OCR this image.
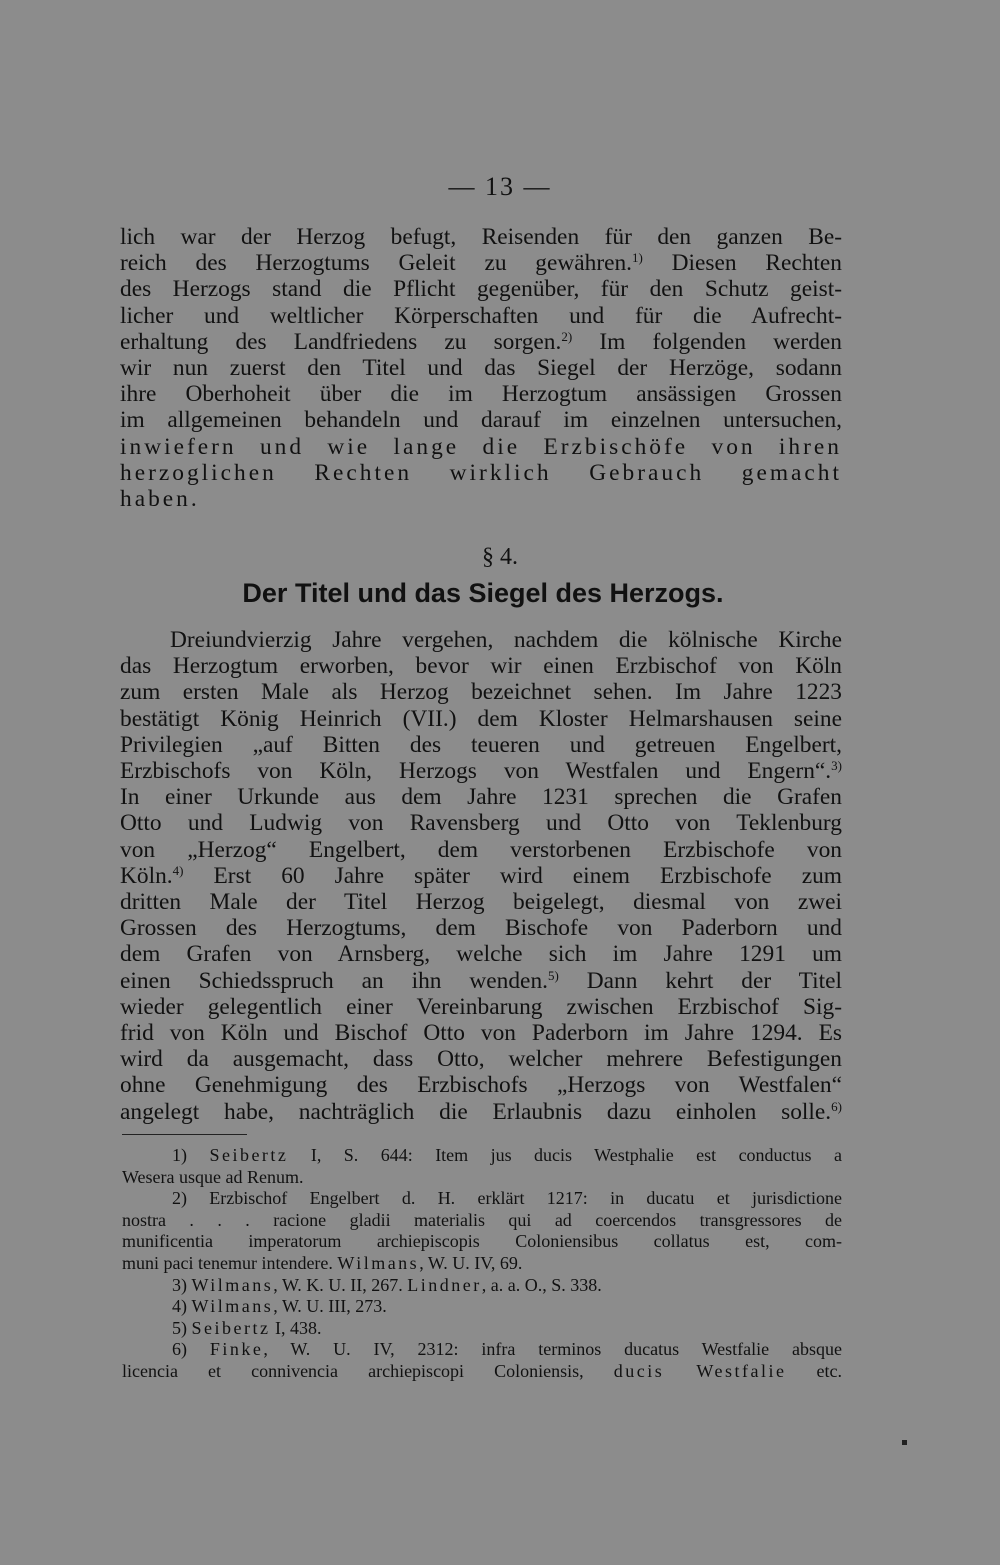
— 13 —
lich war der Herzog befugt, Reisenden für den ganzen Be-
reich des Herzogtums Geleit zu gewähren.$^{1)}$ Diesen Rechten
des Herzogs stand die Pflicht gegenüber, für den Schutz geist-
licher und weltlicher Körperschaften und für die Aufrecht-
erhaltung des Landfriedens zu sorgen.$^{2)}$ Im folgenden werden
wir nun zuerst den Titel und das Siegel der Herzöge, sodann
ihre Oberhoheit über die im Herzogtum ansässigen Grossen
im allgemeinen behandeln und darauf im einzelnen untersuchen,
inwiefern und wie lange die Erzbischöfe von ihren
herzoglichen Rechten wirklich Gebrauch gemacht
haben.
§ 4.
Der Titel und das Siegel des Herzogs.
Dreiundvierzig Jahre vergehen, nachdem die kölnische Kirche
das Herzogtum erworben, bevor wir einen Erzbischof von Köln
zum ersten Male als Herzog bezeichnet sehen. Im Jahre 1223
bestätigt König Heinrich (VII.) dem Kloster Helmarshausen seine
Privilegien „auf Bitten des teueren und getreuen Engelbert,
Erzbischofs von Köln, Herzogs von Westfalen und Engern“.$^{3)}$
In einer Urkunde aus dem Jahre 1231 sprechen die Grafen
Otto und Ludwig von Ravensberg und Otto von Teklenburg
von „Herzog“ Engelbert, dem verstorbenen Erzbischofe von
Köln.$^{4)}$ Erst 60 Jahre später wird einem Erzbischofe zum
dritten Male der Titel Herzog beigelegt, diesmal von zwei
Grossen des Herzogtums, dem Bischofe von Paderborn und
dem Grafen von Arnsberg, welche sich im Jahre 1291 um
einen Schiedsspruch an ihn wenden.$^{5)}$ Dann kehrt der Titel
wieder gelegentlich einer Vereinbarung zwischen Erzbischof Sig-
frid von Köln und Bischof Otto von Paderborn im Jahre 1294. Es
wird da ausgemacht, dass Otto, welcher mehrere Befestigungen
ohne Genehmigung des Erzbischofs „Herzogs von Westfalen“
angelegt habe, nachträglich die Erlaubnis dazu einholen solle.$^{6)}$
1) Seibertz I, S. 644: Item jus ducis Westphalie est conductus a
Wesera usque ad Renum.
2) Erzbischof Engelbert d. H. erklärt 1217: in ducatu et jurisdictione
nostra . . . racione gladii materialis qui ad coercendos transgressores de
munificentia imperatorum archiepiscopis Coloniensibus collatus est, com-
muni paci tenemur intendere. Wilmans, W. U. IV, 69.
3) Wilmans, W. K. U. II, 267. Lindner, a. a. O., S. 338.
4) Wilmans, W. U. III, 273.
5) Seibertz I, 438.
6) Finke, W. U. IV, 2312: infra terminos ducatus Westfalie absque
licencia et connivencia archiepiscopi Coloniensis, ducis Westfalie etc.
